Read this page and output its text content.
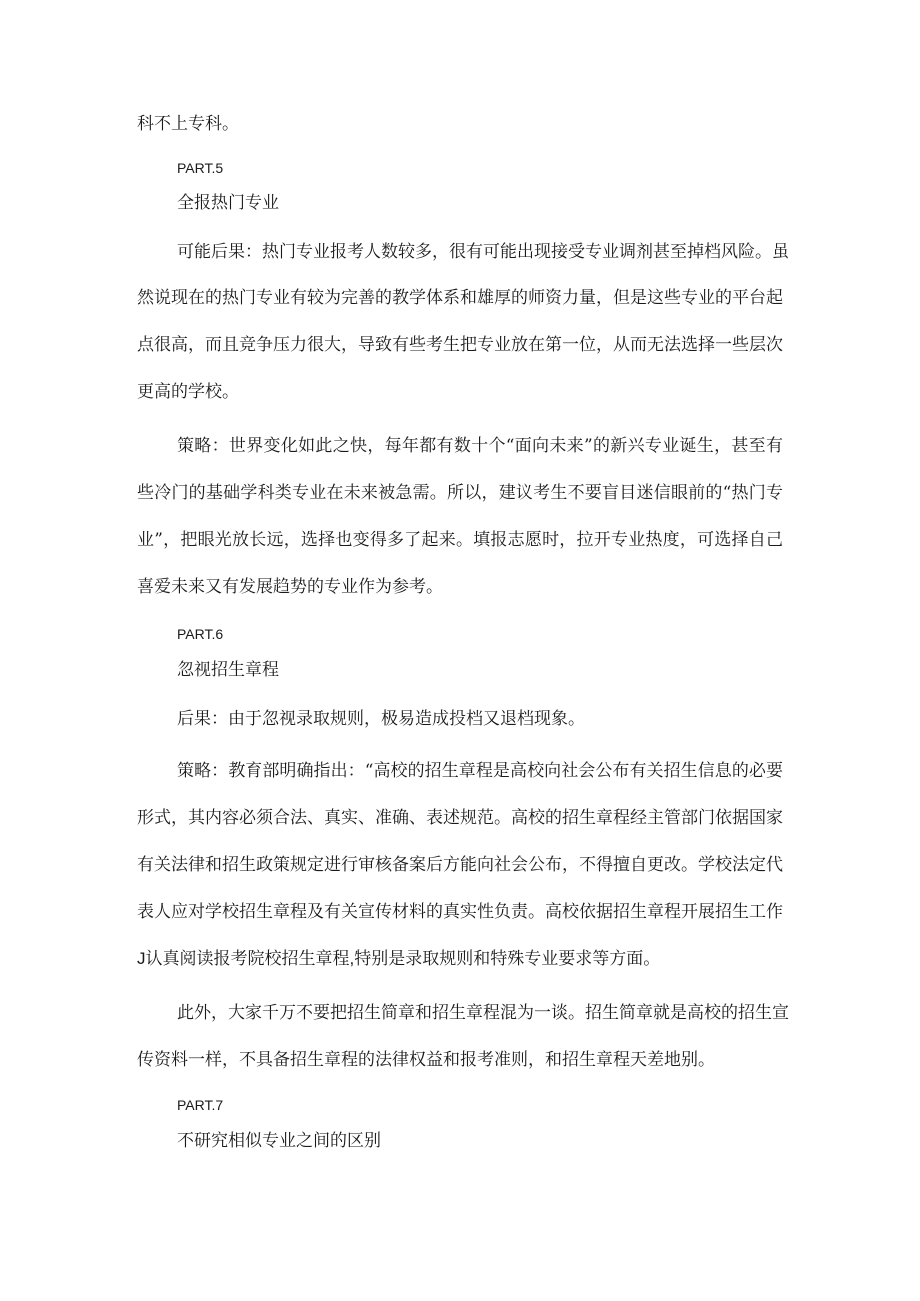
科不上专科。
PART.5
全报热门专业
可能后果：热门专业报考人数较多，很有可能出现接受专业调剂甚至掉档风险。虽
然说现在的热门专业有较为完善的教学体系和雄厚的师资力量，但是这些专业的平台起
点很高，而且竞争压力很大，导致有些考生把专业放在第一位，从而无法选择一些层次
更高的学校。
策略：世界变化如此之快，每年都有数十个“面向未来”的新兴专业诞生，甚至有
些冷门的基础学科类专业在未来被急需。所以，建议考生不要盲目迷信眼前的“热门专
业”，把眼光放长远，选择也变得多了起来。填报志愿时，拉开专业热度，可选择自己
喜爱未来又有发展趋势的专业作为参考。
PART.6
忽视招生章程
后果：由于忽视录取规则，极易造成投档又退档现象。
策略：教育部明确指出：“高校的招生章程是高校向社会公布有关招生信息的必要
形式，其内容必须合法、真实、准确、表述规范。高校的招生章程经主管部门依据国家
有关法律和招生政策规定进行审核备案后方能向社会公布，不得擅自更改。学校法定代
表人应对学校招生章程及有关宣传材料的真实性负责。高校依据招生章程开展招生工作
J认真阅读报考院校招生章程,特别是录取规则和特殊专业要求等方面。
此外，大家千万不要把招生简章和招生章程混为一谈。招生简章就是高校的招生宣
传资料一样，不具备招生章程的法律权益和报考准则，和招生章程天差地别。
PART.7
不研究相似专业之间的区别
